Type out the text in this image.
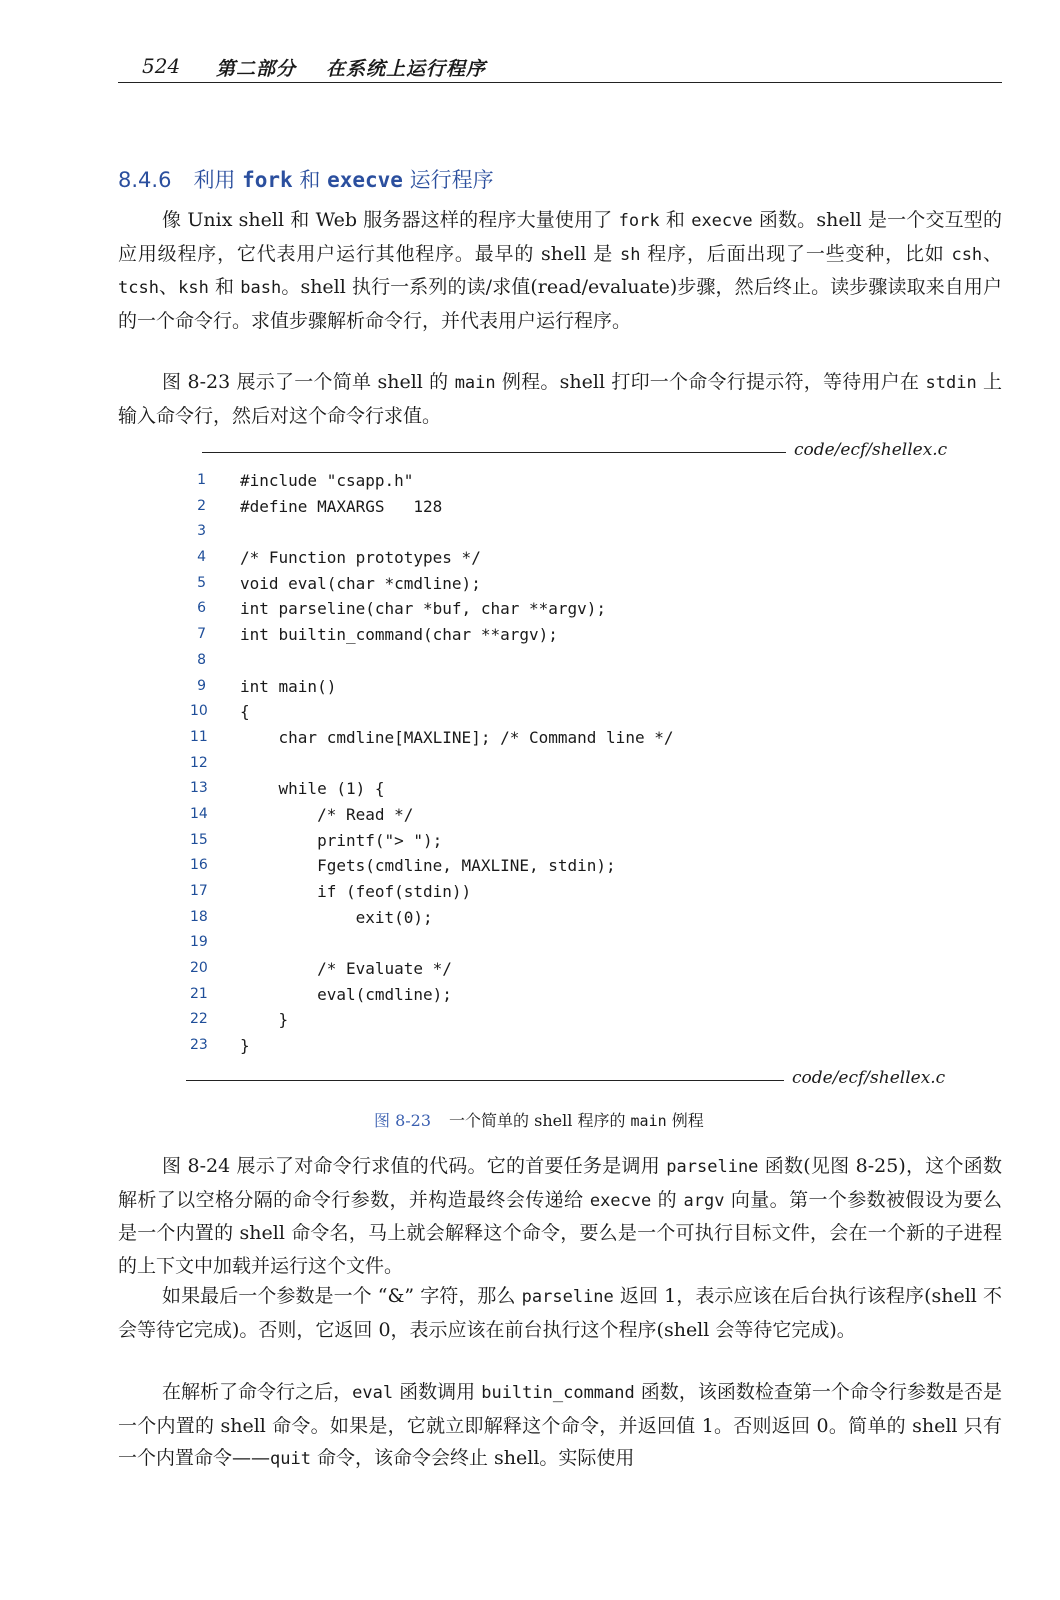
524 第二部分 在系统上运行程序
8.4.6 利用 fork 和 execve 运行程序

像 Unix shell 和 Web 服务器这样的程序大量使用了 fork 和 execve 函数。shell 是一个交互型的应用级程序，它代表用户运行其他程序。最早的 shell 是 sh 程序，后面出现了一些变种，比如 csh、tcsh、ksh 和 bash。shell 执行一系列的读/求值(read/evaluate)步骤，然后终止。读步骤读取来自用户的一个命令行。求值步骤解析命令行，并代表用户运行程序。

图 8-23 展示了一个简单 shell 的 main 例程。shell 打印一个命令行提示符，等待用户在 stdin 上输入命令行，然后对这个命令行求值。

code/ecf/shellex.c
1 #include "csapp.h"
2 #define MAXARGS   128
3
4 /* Function prototypes */
5 void eval(char *cmdline);
6 int parseline(char *buf, char **argv);
7 int builtin_command(char **argv);
8
9 int main()
10 {
11 char cmdline[MAXLINE]; /* Command line */
12
13 while (1) {
14 /* Read */
15 printf("> ");
16 Fgets(cmdline, MAXLINE, stdin);
17 if (feof(stdin))
18 exit(0);
19
20 /* Evaluate */
21 eval(cmdline);
22 }
23 }
code/ecf/shellex.c
图 8-23 一个简单的 shell 程序的 main 例程

图 8-24 展示了对命令行求值的代码。它的首要任务是调用 parseline 函数(见图 8-25)，这个函数解析了以空格分隔的命令行参数，并构造最终会传递给 execve 的 argv 向量。第一个参数被假设为要么是一个内置的 shell 命令名，马上就会解释这个命令，要么是一个可执行目标文件，会在一个新的子进程的上下文中加载并运行这个文件。

如果最后一个参数是一个 “&” 字符，那么 parseline 返回 1，表示应该在后台执行该程序(shell 不会等待它完成)。否则，它返回 0，表示应该在前台执行这个程序(shell 会等待它完成)。

在解析了命令行之后，eval 函数调用 builtin_command 函数，该函数检查第一个命令行参数是否是一个内置的 shell 命令。如果是，它就立即解释这个命令，并返回值 1。否则返回 0。简单的 shell 只有一个内置命令——quit 命令，该命令会终止 shell。实际使用
